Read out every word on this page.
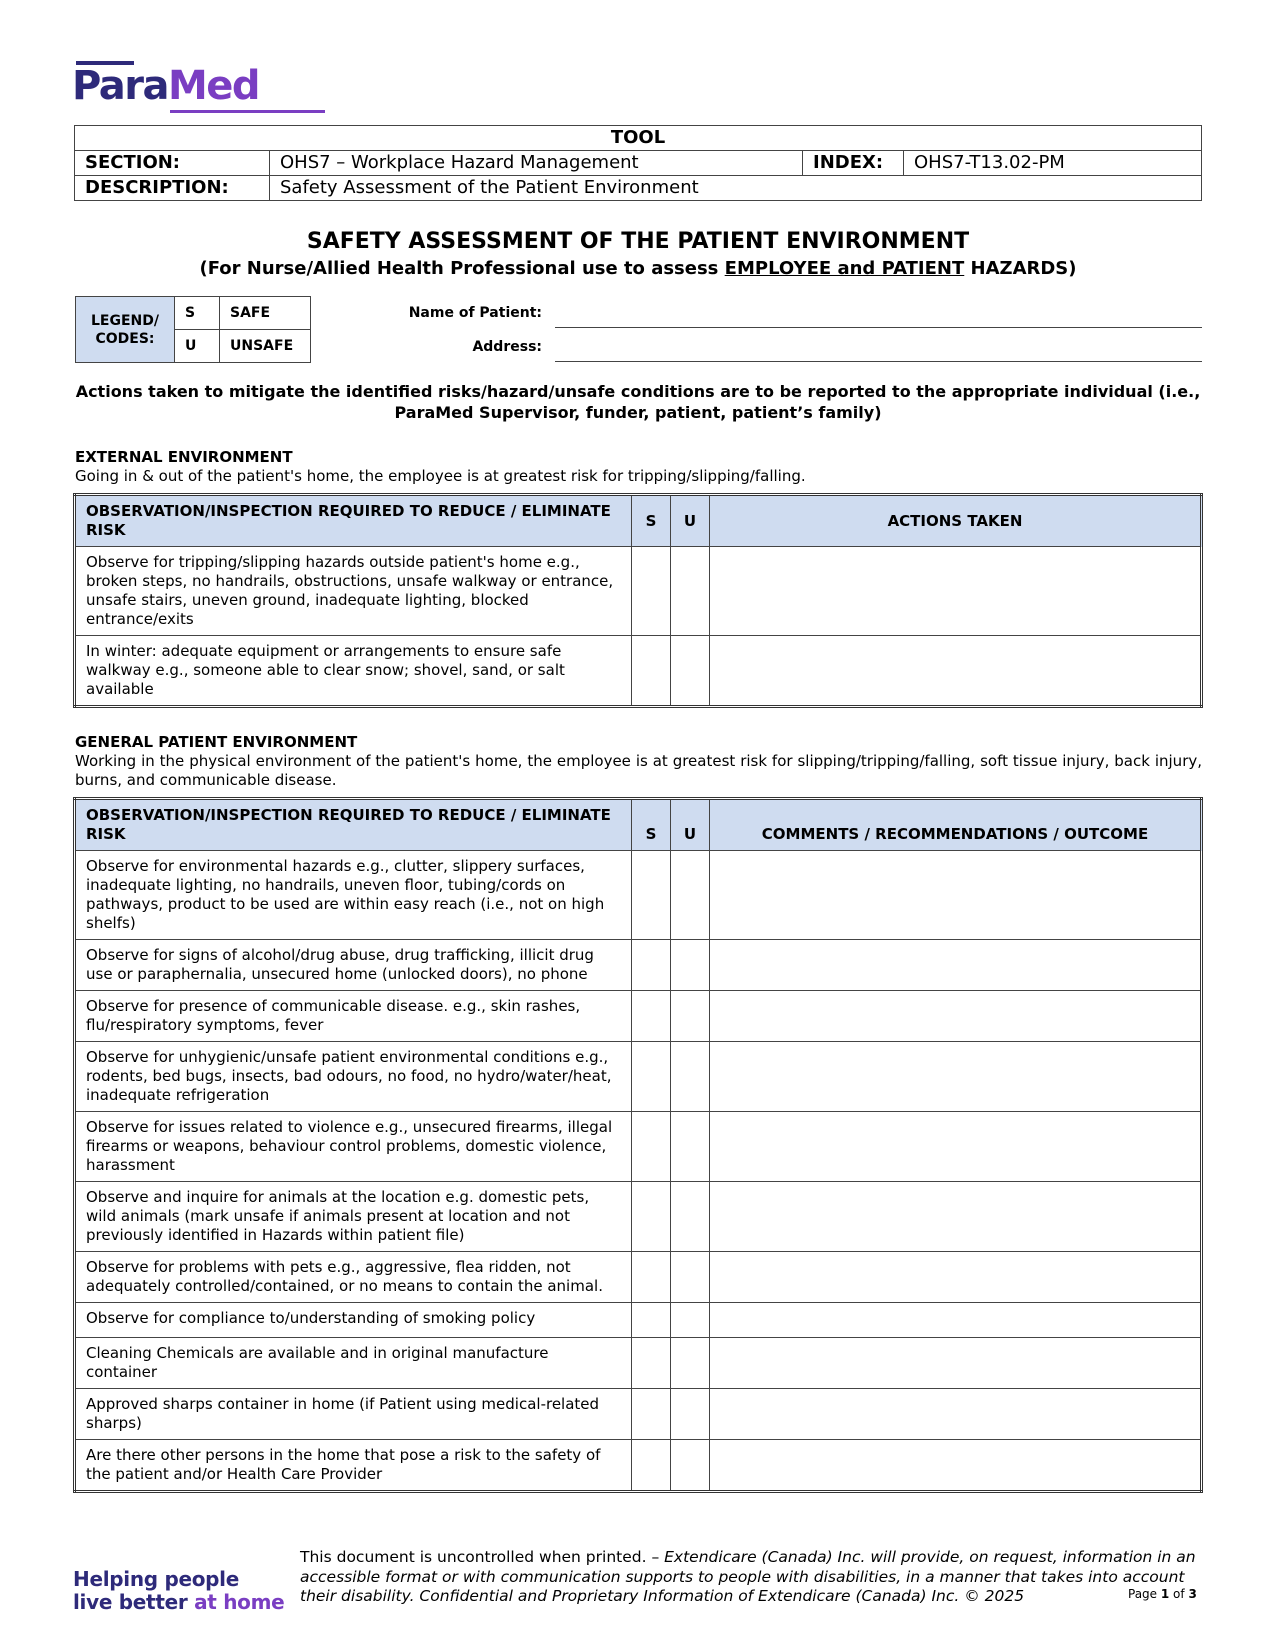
ParaMed
TOOL			
SECTION:	OHS7 – Workplace Hazard Management	INDEX:	OHS7-T13.02-PM
DESCRIPTION:	Safety Assessment of the Patient Environment		
SAFETY ASSESSMENT OF THE PATIENT ENVIRONMENT
(For Nurse/Allied Health Professional use to assess EMPLOYEE and PATIENT HAZARDS)
LEGEND/ CODES:	S	SAFE
	U	UNSAFE
Name of Patient:
Address:
Actions taken to mitigate the identified risks/hazard/unsafe conditions are to be reported to the appropriate individual (i.e., ParaMed Supervisor, funder, patient, patient’s family)
EXTERNAL ENVIRONMENT
Going in & out of the patient's home, the employee is at greatest risk for tripping/slipping/falling.
OBSERVATION/INSPECTION REQUIRED TO REDUCE / ELIMINATE RISK	S	U	ACTIONS TAKEN
Observe for tripping/slipping hazards outside patient's home e.g., broken steps, no handrails, obstructions, unsafe walkway or entrance, unsafe stairs, uneven ground, inadequate lighting, blocked entrance/exits			
In winter: adequate equipment or arrangements to ensure safe walkway e.g., someone able to clear snow; shovel, sand, or salt available			
GENERAL PATIENT ENVIRONMENT
Working in the physical environment of the patient's home, the employee is at greatest risk for slipping/tripping/falling, soft tissue injury, back injury, burns, and communicable disease.
OBSERVATION/INSPECTION REQUIRED TO REDUCE / ELIMINATE RISK	S	U	COMMENTS / RECOMMENDATIONS / OUTCOME
Observe for environmental hazards e.g., clutter, slippery surfaces, inadequate lighting, no handrails, uneven floor, tubing/cords on pathways, product to be used are within easy reach (i.e., not on high shelfs)			
Observe for signs of alcohol/drug abuse, drug trafficking, illicit drug use or paraphernalia, unsecured home (unlocked doors), no phone			
Observe for presence of communicable disease. e.g., skin rashes, flu/respiratory symptoms, fever			
Observe for unhygienic/unsafe patient environmental conditions e.g., rodents, bed bugs, insects, bad odours, no food, no hydro/water/heat, inadequate refrigeration			
Observe for issues related to violence e.g., unsecured firearms, illegal firearms or weapons, behaviour control problems, domestic violence, harassment			
Observe and inquire for animals at the location e.g. domestic pets, wild animals (mark unsafe if animals present at location and not previously identified in Hazards within patient file)			
Observe for problems with pets e.g., aggressive, flea ridden, not adequately controlled/contained, or no means to contain the animal.			
Observe for compliance to/understanding of smoking policy			
Cleaning Chemicals are available and in original manufacture container			
Approved sharps container in home (if Patient using medical-related sharps)			
Are there other persons in the home that pose a risk to the safety of the patient and/or Health Care Provider			
Helping people
live better at home
This document is uncontrolled when printed. – Extendicare (Canada) Inc. will provide, on request, information in an accessible format or with communication supports to people with disabilities, in a manner that takes into account their disability. Confidential and Proprietary Information of Extendicare (Canada) Inc. © 2025	Page 1 of 3
